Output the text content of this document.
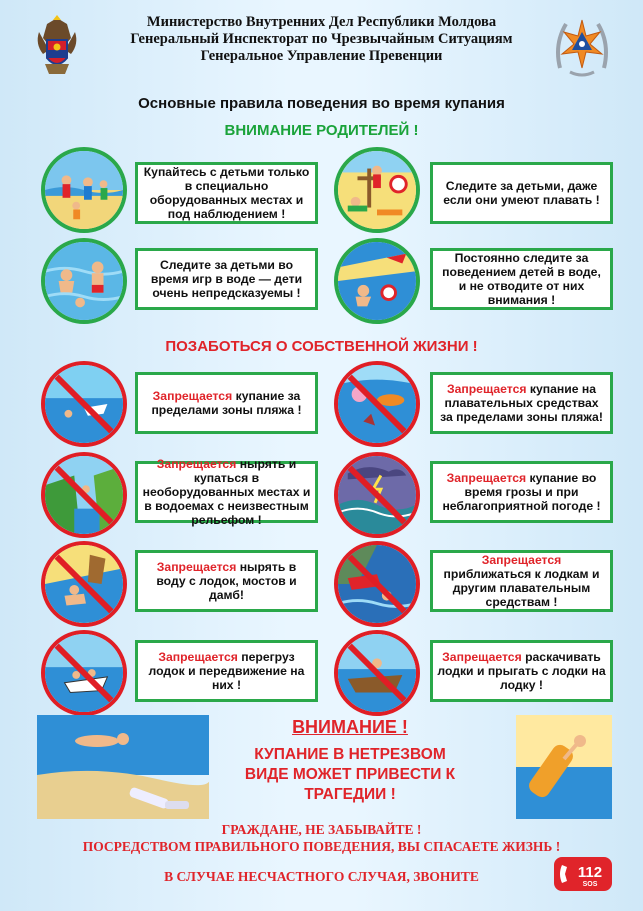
Министерство Внутренних Дел Республики Молдова
Генеральный Инспекторат по Чрезвычайным Ситуациям
Генеральное Управление Превенции
Основные правила поведения во время купания
ВНИМАНИЕ РОДИТЕЛЕЙ !
Купайтесь с детьми только в специально оборудованных местах и под наблюдением !
Следите за детьми, даже если они умеют плавать !
Следите за детьми во время игр в воде — дети очень непредсказуемы !
Постоянно следите за поведением детей в воде, и не отводите от них внимания !
ПОЗАБОТЬСЯ О СОБСТВЕННОЙ ЖИЗНИ !
Запрещается купание за пределами зоны пляжа !
Запрещается купание на плавательных средствах за пределами зоны пляжа!
Запрещается нырять и купаться в необорудованных местах и в водоемах с неизвестным рельефом !
Запрещается купание во время грозы и при неблагоприятной погоде !
Запрещается нырять в воду с лодок, мостов и дамб!
Запрещается приближаться к лодкам и другим плавательным средствам !
Запрещается перегруз лодок и передвижение на них !
Запрещается раскачивать лодки и прыгать с лодки на лодку !
ВНИМАНИЕ !
КУПАНИЕ В НЕТРЕЗВОМ
ВИДЕ МОЖЕТ ПРИВЕСТИ К
ТРАГЕДИИ !
ГРАЖДАНЕ, НЕ ЗАБЫВАЙТЕ !
ПОСРЕДСТВОМ ПРАВИЛЬНОГО ПОВЕДЕНИЯ, ВЫ СПАСАЕТЕ ЖИЗНЬ !
В СЛУЧАЕ НЕСЧАСТНОГО СЛУЧАЯ, ЗВОНИТЕ	112
SOS
